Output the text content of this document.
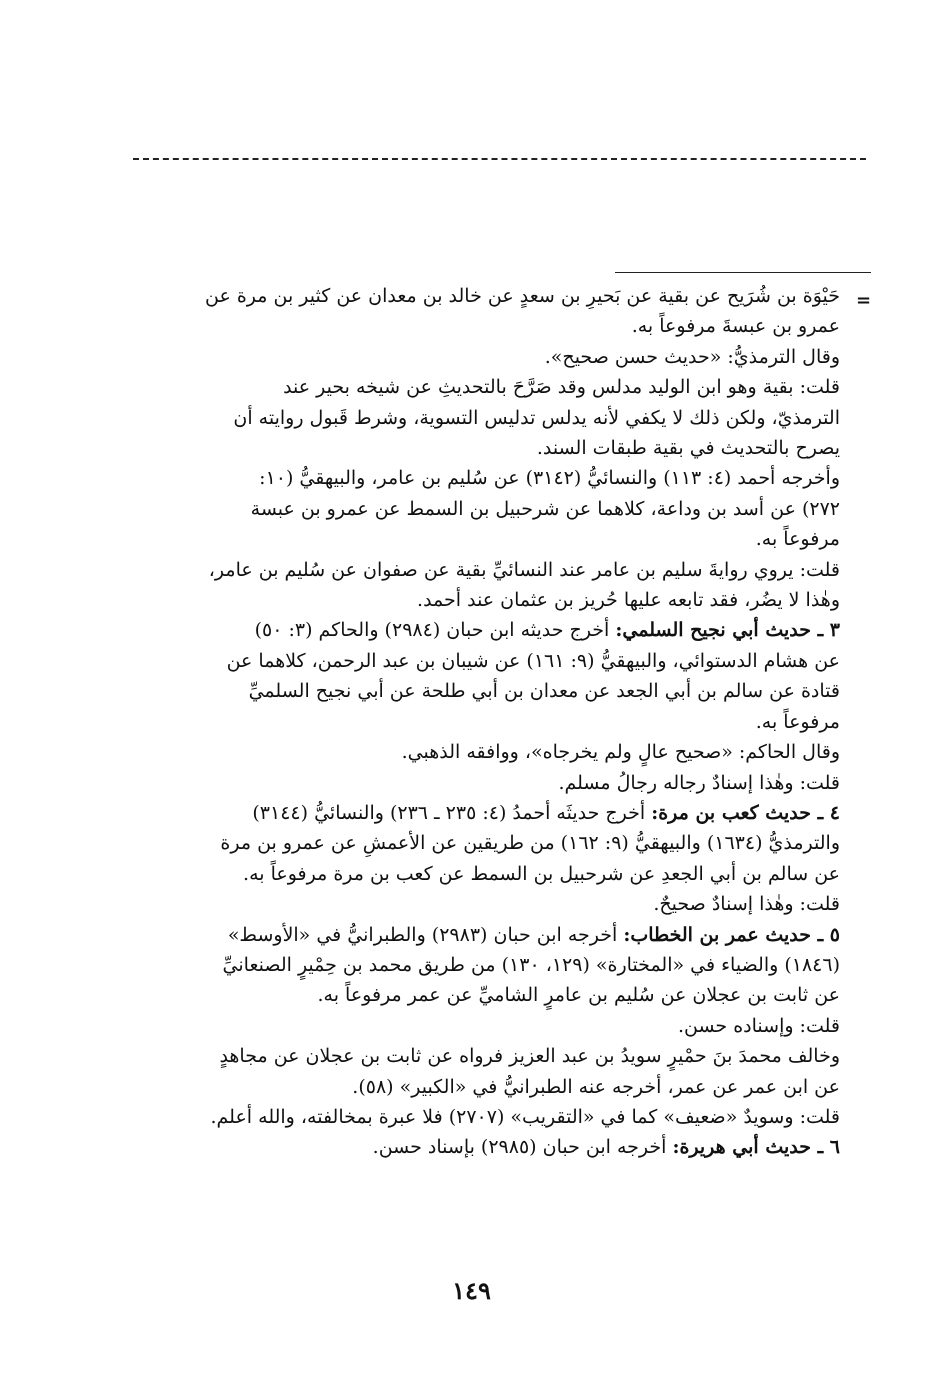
=
حَيْوَة بن شُرَيح عن بقية عن بَحيرِ بن سعدٍ عن خالد بن معدان عن كثير بن مرة عن
عمرو بن عبسةَ مرفوعاً به.
وقال الترمذيُّ: «حديث حسن صحيح».
قلت: بقية وهو ابن الوليد مدلس وقد صَرَّحَ بالتحديثِ عن شيخه بحير عند
الترمذيّ، ولكن ذلك لا يكفي لأنه يدلس تدليس التسوية، وشرط قَبول روايته أن
يصرح بالتحديث في بقية طبقات السند.
وأخرجه أحمد (٤: ١١٣) والنسائيُّ (٣١٤٢) عن سُليم بن عامر، والبيهقيُّ (١٠:
٢٧٢) عن أسد بن وداعة، كلاهما عن شرحبيل بن السمط عن عمرو بن عبسة
مرفوعاً به.
قلت: يروي روايةَ سليم بن عامر عند النسائيِّ بقية عن صفوان عن سُليم بن عامر،
وهٰذا لا يضُر، فقد تابعه عليها حُريز بن عثمان عند أحمد.
٣ ـ حديث أبي نجيح السلمي: أخرج حديثه ابن حبان (٢٩٨٤) والحاكم (٣: ٥٠)
عن هشام الدستوائي، والبيهقيُّ (٩: ١٦١) عن شيبان بن عبد الرحمن، كلاهما عن
قتادة عن سالم بن أبي الجعد عن معدان بن أبي طلحة عن أبي نجيح السلميِّ
مرفوعاً به.
وقال الحاكم: «صحيح عالٍ ولم يخرجاه»، ووافقه الذهبي.
قلت: وهٰذا إسنادٌ رجاله رجالُ مسلم.
٤ ـ حديث كعب بن مرة: أخرج حديثَه أحمدُ (٤: ٢٣٥ ـ ٢٣٦) والنسائيُّ (٣١٤٤)
والترمذيُّ (١٦٣٤) والبيهقيُّ (٩: ١٦٢) من طريقين عن الأعمشِ عن عمرو بن مرة
عن سالم بن أبي الجعدِ عن شرحبيل بن السمط عن كعب بن مرة مرفوعاً به.
قلت: وهٰذا إسنادٌ صحيحٌ.
٥ ـ حديث عمر بن الخطاب: أخرجه ابن حبان (٢٩٨٣) والطبرانيُّ في «الأوسط»
(١٨٤٦) والضياء في «المختارة» (١٢٩، ١٣٠) من طريق محمد بن حِمْيرٍ الصنعانيِّ
عن ثابت بن عجلان عن سُليم بن عامرٍ الشاميِّ عن عمر مرفوعاً به.
قلت: وإسناده حسن.
وخالف محمدَ بنَ حمْيرٍ سويدُ بن عبد العزيز فرواه عن ثابت بن عجلان عن مجاهدٍ
عن ابن عمر عن عمر، أخرجه عنه الطبرانيُّ في «الكبير» (٥٨).
قلت: وسويدٌ «ضعيف» كما في «التقريب» (٢٧٠٧) فلا عبرة بمخالفته، والله أعلم.
٦ ـ حديث أبي هريرة: أخرجه ابن حبان (٢٩٨٥) بإسناد حسن.
١٤٩
